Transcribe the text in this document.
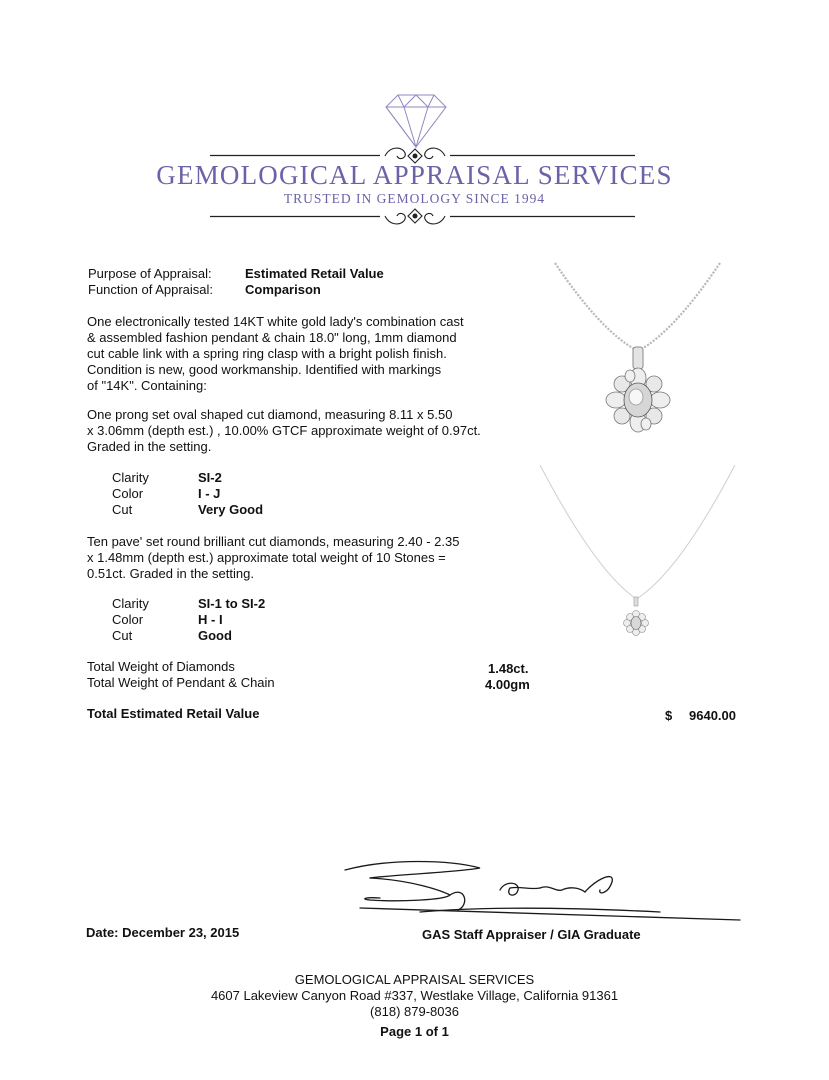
GEMOLOGICAL APPRAISAL SERVICES
TRUSTED IN GEMOLOGY SINCE 1994
Purpose of Appraisal:	Estimated Retail Value
Function of Appraisal: Comparison
One electronically tested 14KT white gold lady's combination cast
& assembled fashion pendant & chain 18.0" long, 1mm diamond
cut cable link with a spring ring clasp with a bright polish finish.
Condition is new, good workmanship. Identified with markings
of "14K". Containing:
One prong set oval shaped cut diamond, measuring 8.11 x 5.50
x 3.06mm (depth est.) , 10.00% GTCF approximate weight of 0.97ct.
Graded in the setting.
Clarity	SI-2
Color	I - J
Cut	Very Good
Ten pave' set round brilliant cut diamonds, measuring 2.40 - 2.35
x 1.48mm (depth est.) approximate total weight of 10 Stones =
0.51ct. Graded in the setting.
Clarity	SI-1 to SI-2
Color	H - I
Cut	Good
Total Weight of Diamonds	1.48ct.
Total Weight of Pendant & Chain	4.00gm
Total Estimated Retail Value	$ 9640.00
Date: December 23, 2015	GAS Staff Appraiser / GIA Graduate
GEMOLOGICAL APPRAISAL SERVICES
4607 Lakeview Canyon Road #337, Westlake Village, California 91361
(818) 879-8036
Page 1 of 1
